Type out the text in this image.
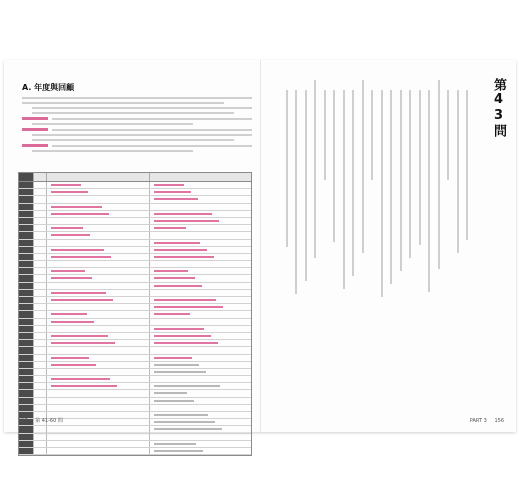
A. 年度與回顧
157 第 41-60 問
第43問
PART 3 156
